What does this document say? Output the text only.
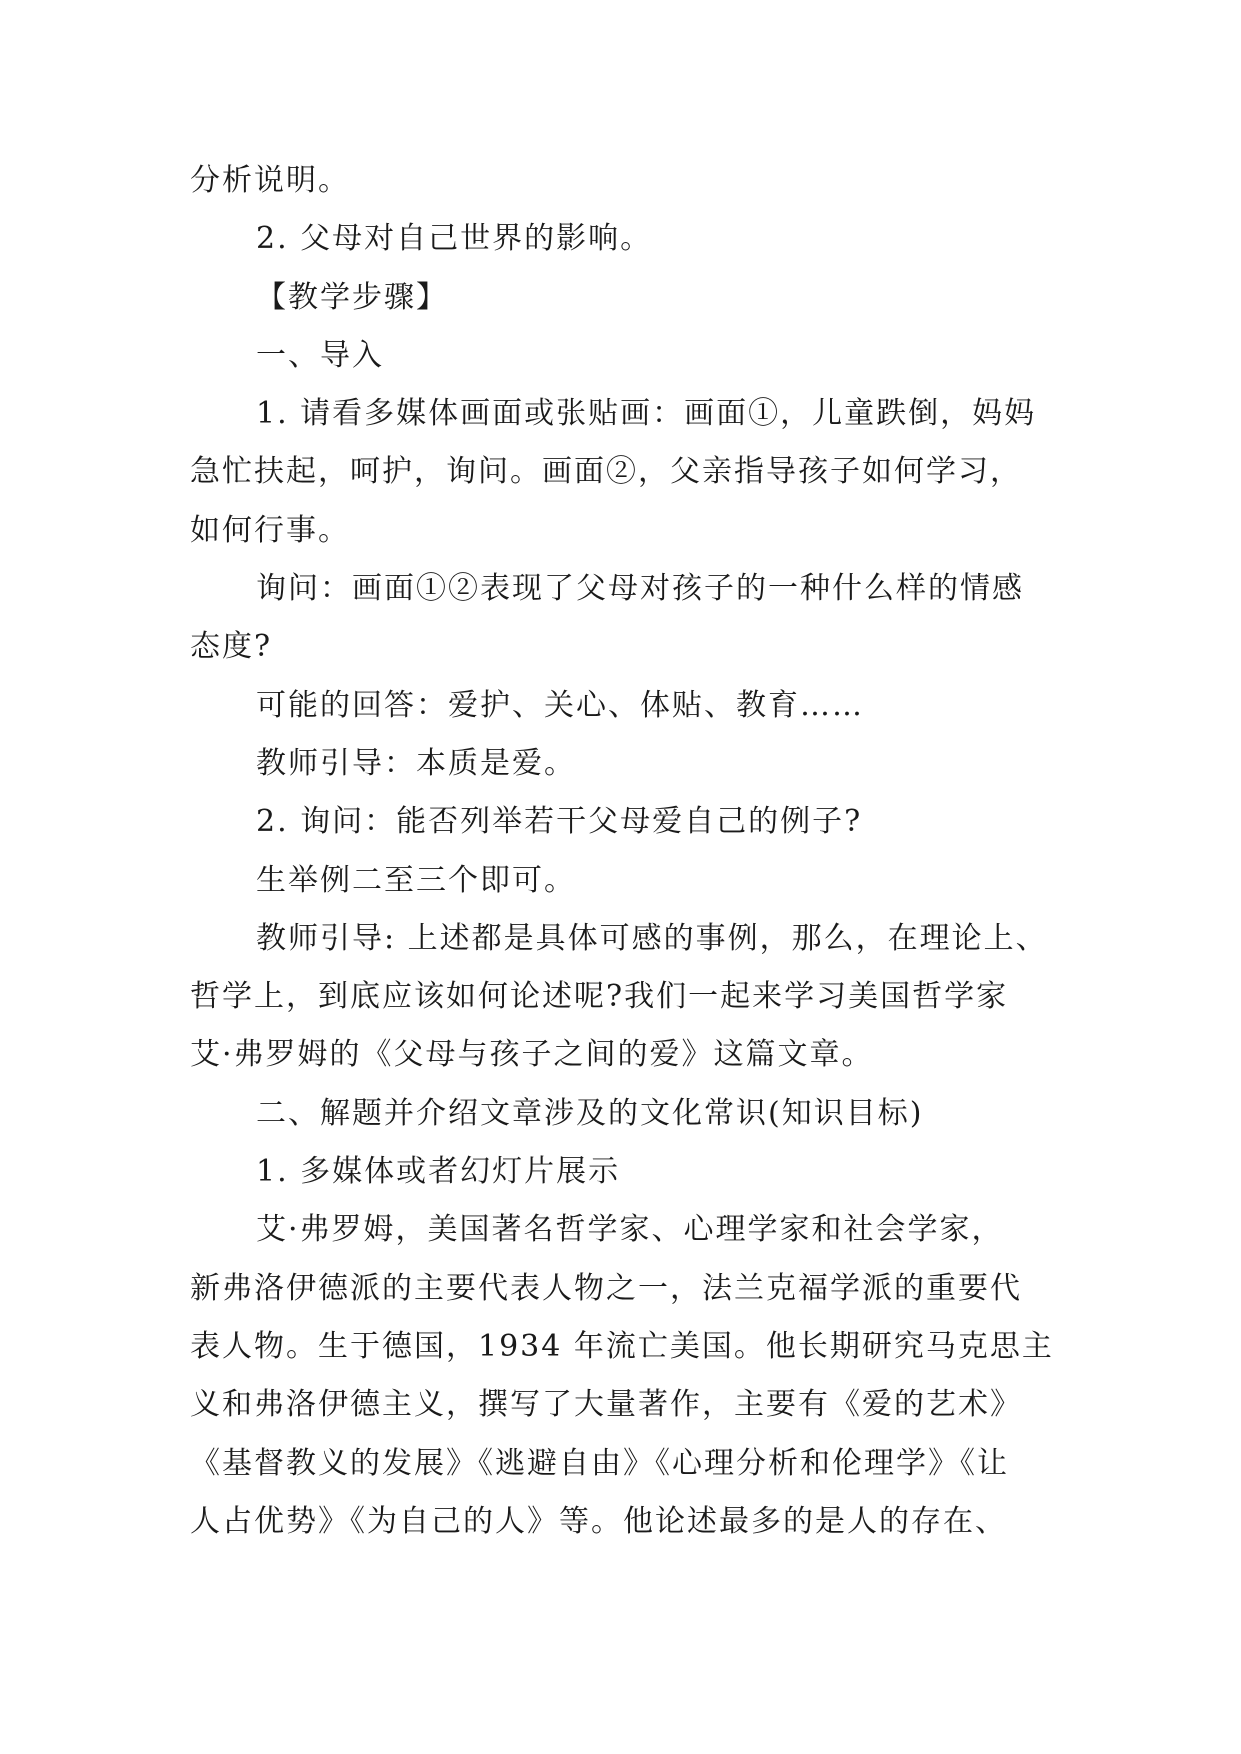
分析说明。
2. 父母对自己世界的影响。
【教学步骤】
一、导入
1. 请看多媒体画面或张贴画：画面①，儿童跌倒，妈妈
急忙扶起，呵护，询问。画面②，父亲指导孩子如何学习，
如何行事。
询问：画面①②表现了父母对孩子的一种什么样的情感
态度?
可能的回答：爱护、关心、体贴、教育……
教师引导：本质是爱。
2. 询问：能否列举若干父母爱自己的例子?
生举例二至三个即可。
教师引导: 上述都是具体可感的事例，那么，在理论上、
哲学上，到底应该如何论述呢?我们一起来学习美国哲学家
艾·弗罗姆的《父母与孩子之间的爱》这篇文章。
二、解题并介绍文章涉及的文化常识(知识目标)
1. 多媒体或者幻灯片展示
艾·弗罗姆，美国著名哲学家、心理学家和社会学家，
新弗洛伊德派的主要代表人物之一，法兰克福学派的重要代
表人物。生于德国，1934 年流亡美国。他长期研究马克思主
义和弗洛伊德主义，撰写了大量著作，主要有《爱的艺术》
《基督教义的发展》《逃避自由》《心理分析和伦理学》《让
人占优势》《为自己的人》等。他论述最多的是人的存在、
